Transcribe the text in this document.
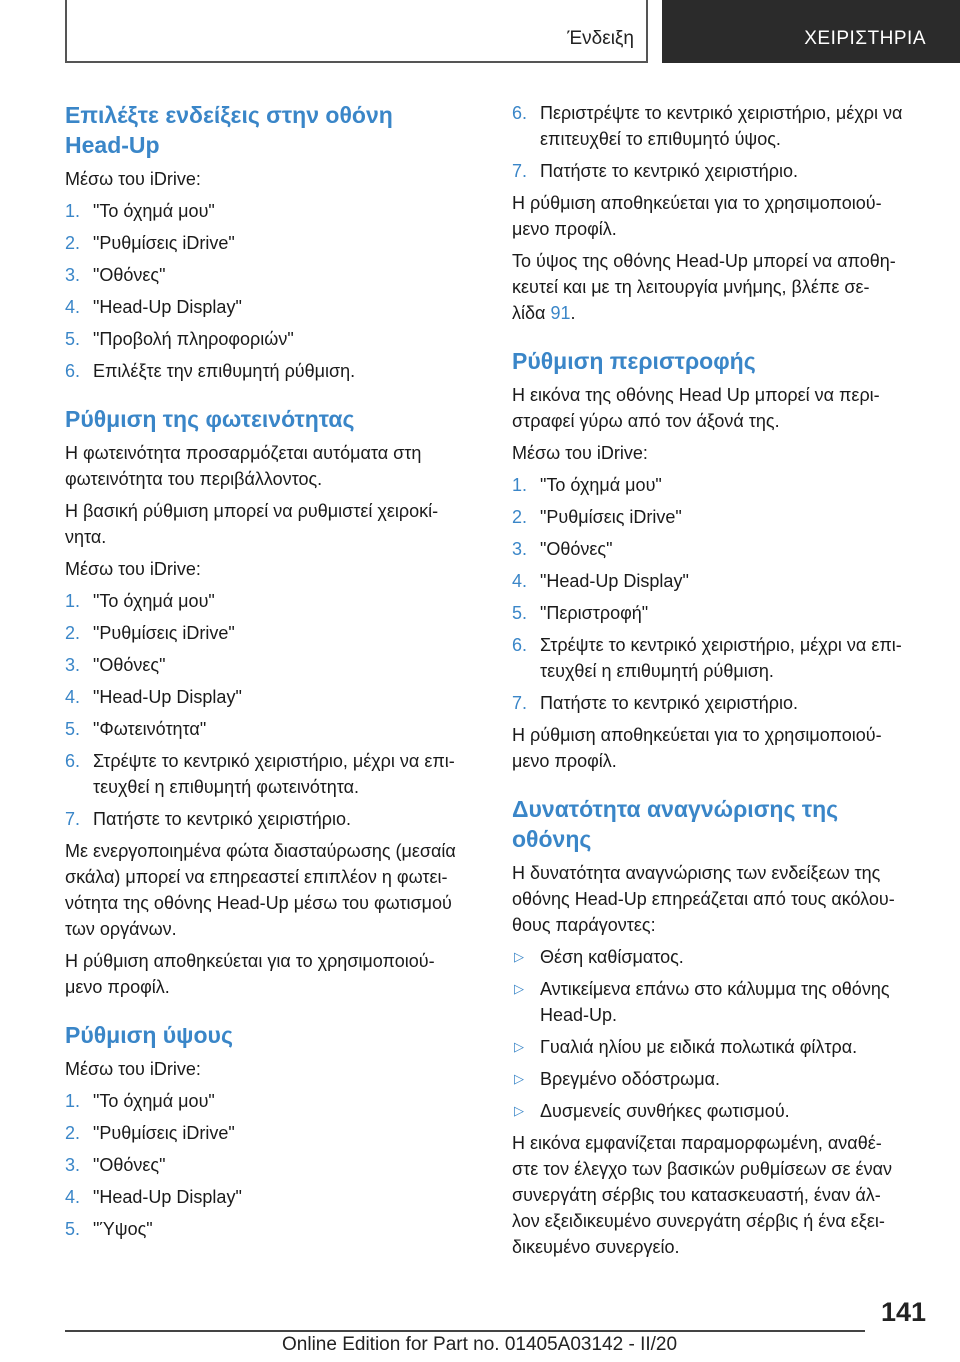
Ένδειξη	ΧΕΙΡΙΣΤΗΡΙΑ
Επιλέξτε ενδείξεις στην οθόνη
Head-Up
Μέσω του iDrive:
1. "Το όχημά μου"
2. "Ρυθμίσεις iDrive"
3. "Οθόνες"
4. "Head-Up Display"
5. "Προβολή πληροφοριών"
6. Επιλέξτε την επιθυμητή ρύθμιση.
Ρύθμιση της φωτεινότητας
Η φωτεινότητα προσαρμόζεται αυτόματα στη
φωτεινότητα του περιβάλλοντος.
Η βασική ρύθμιση μπορεί να ρυθμιστεί χειροκί-
νητα.
Μέσω του iDrive:
1. "Το όχημά μου"
2. "Ρυθμίσεις iDrive"
3. "Οθόνες"
4. "Head-Up Display"
5. "Φωτεινότητα"
6. Στρέψτε το κεντρικό χειριστήριο, μέχρι να επι-
τευχθεί η επιθυμητή φωτεινότητα.
7. Πατήστε το κεντρικό χειριστήριο.
Με ενεργοποιημένα φώτα διασταύρωσης (μεσαία
σκάλα) μπορεί να επηρεαστεί επιπλέον η φωτει-
νότητα της οθόνης Head-Up μέσω του φωτισμού
των οργάνων.
Η ρύθμιση αποθηκεύεται για το χρησιμοποιού-
μενο προφίλ.
Ρύθμιση ύψους
Μέσω του iDrive:
1. "Το όχημά μου"
2. "Ρυθμίσεις iDrive"
3. "Οθόνες"
4. "Head-Up Display"
5. "Ύψος"
6. Περιστρέψτε το κεντρικό χειριστήριο, μέχρι να
επιτευχθεί το επιθυμητό ύψος.
7. Πατήστε το κεντρικό χειριστήριο.
Η ρύθμιση αποθηκεύεται για το χρησιμοποιού-
μενο προφίλ.
Το ύψος της οθόνης Head-Up μπορεί να αποθη-
κευτεί και με τη λειτουργία μνήμης, βλέπε σε-
λίδα 91.
Ρύθμιση περιστροφής
Η εικόνα της οθόνης Head Up μπορεί να περι-
στραφεί γύρω από τον άξονά της.
Μέσω του iDrive:
1. "Το όχημά μου"
2. "Ρυθμίσεις iDrive"
3. "Οθόνες"
4. "Head-Up Display"
5. "Περιστροφή"
6. Στρέψτε το κεντρικό χειριστήριο, μέχρι να επι-
τευχθεί η επιθυμητή ρύθμιση.
7. Πατήστε το κεντρικό χειριστήριο.
Η ρύθμιση αποθηκεύεται για το χρησιμοποιού-
μενο προφίλ.
Δυνατότητα αναγνώρισης της
οθόνης
Η δυνατότητα αναγνώρισης των ενδείξεων της
οθόνης Head-Up επηρεάζεται από τους ακόλου-
θους παράγοντες:
▷ Θέση καθίσματος.
▷ Αντικείμενα επάνω στο κάλυμμα της οθόνης
Head-Up.
▷ Γυαλιά ηλίου με ειδικά πολωτικά φίλτρα.
▷ Βρεγμένο οδόστρωμα.
▷ Δυσμενείς συνθήκες φωτισμού.
Η εικόνα εμφανίζεται παραμορφωμένη, αναθέ-
στε τον έλεγχο των βασικών ρυθμίσεων σε έναν
συνεργάτη σέρβις του κατασκευαστή, έναν άλ-
λον εξειδικευμένο συνεργάτη σέρβις ή ένα εξει-
δικευμένο συνεργείο.
141
Online Edition for Part no. 01405A03142 - II/20
